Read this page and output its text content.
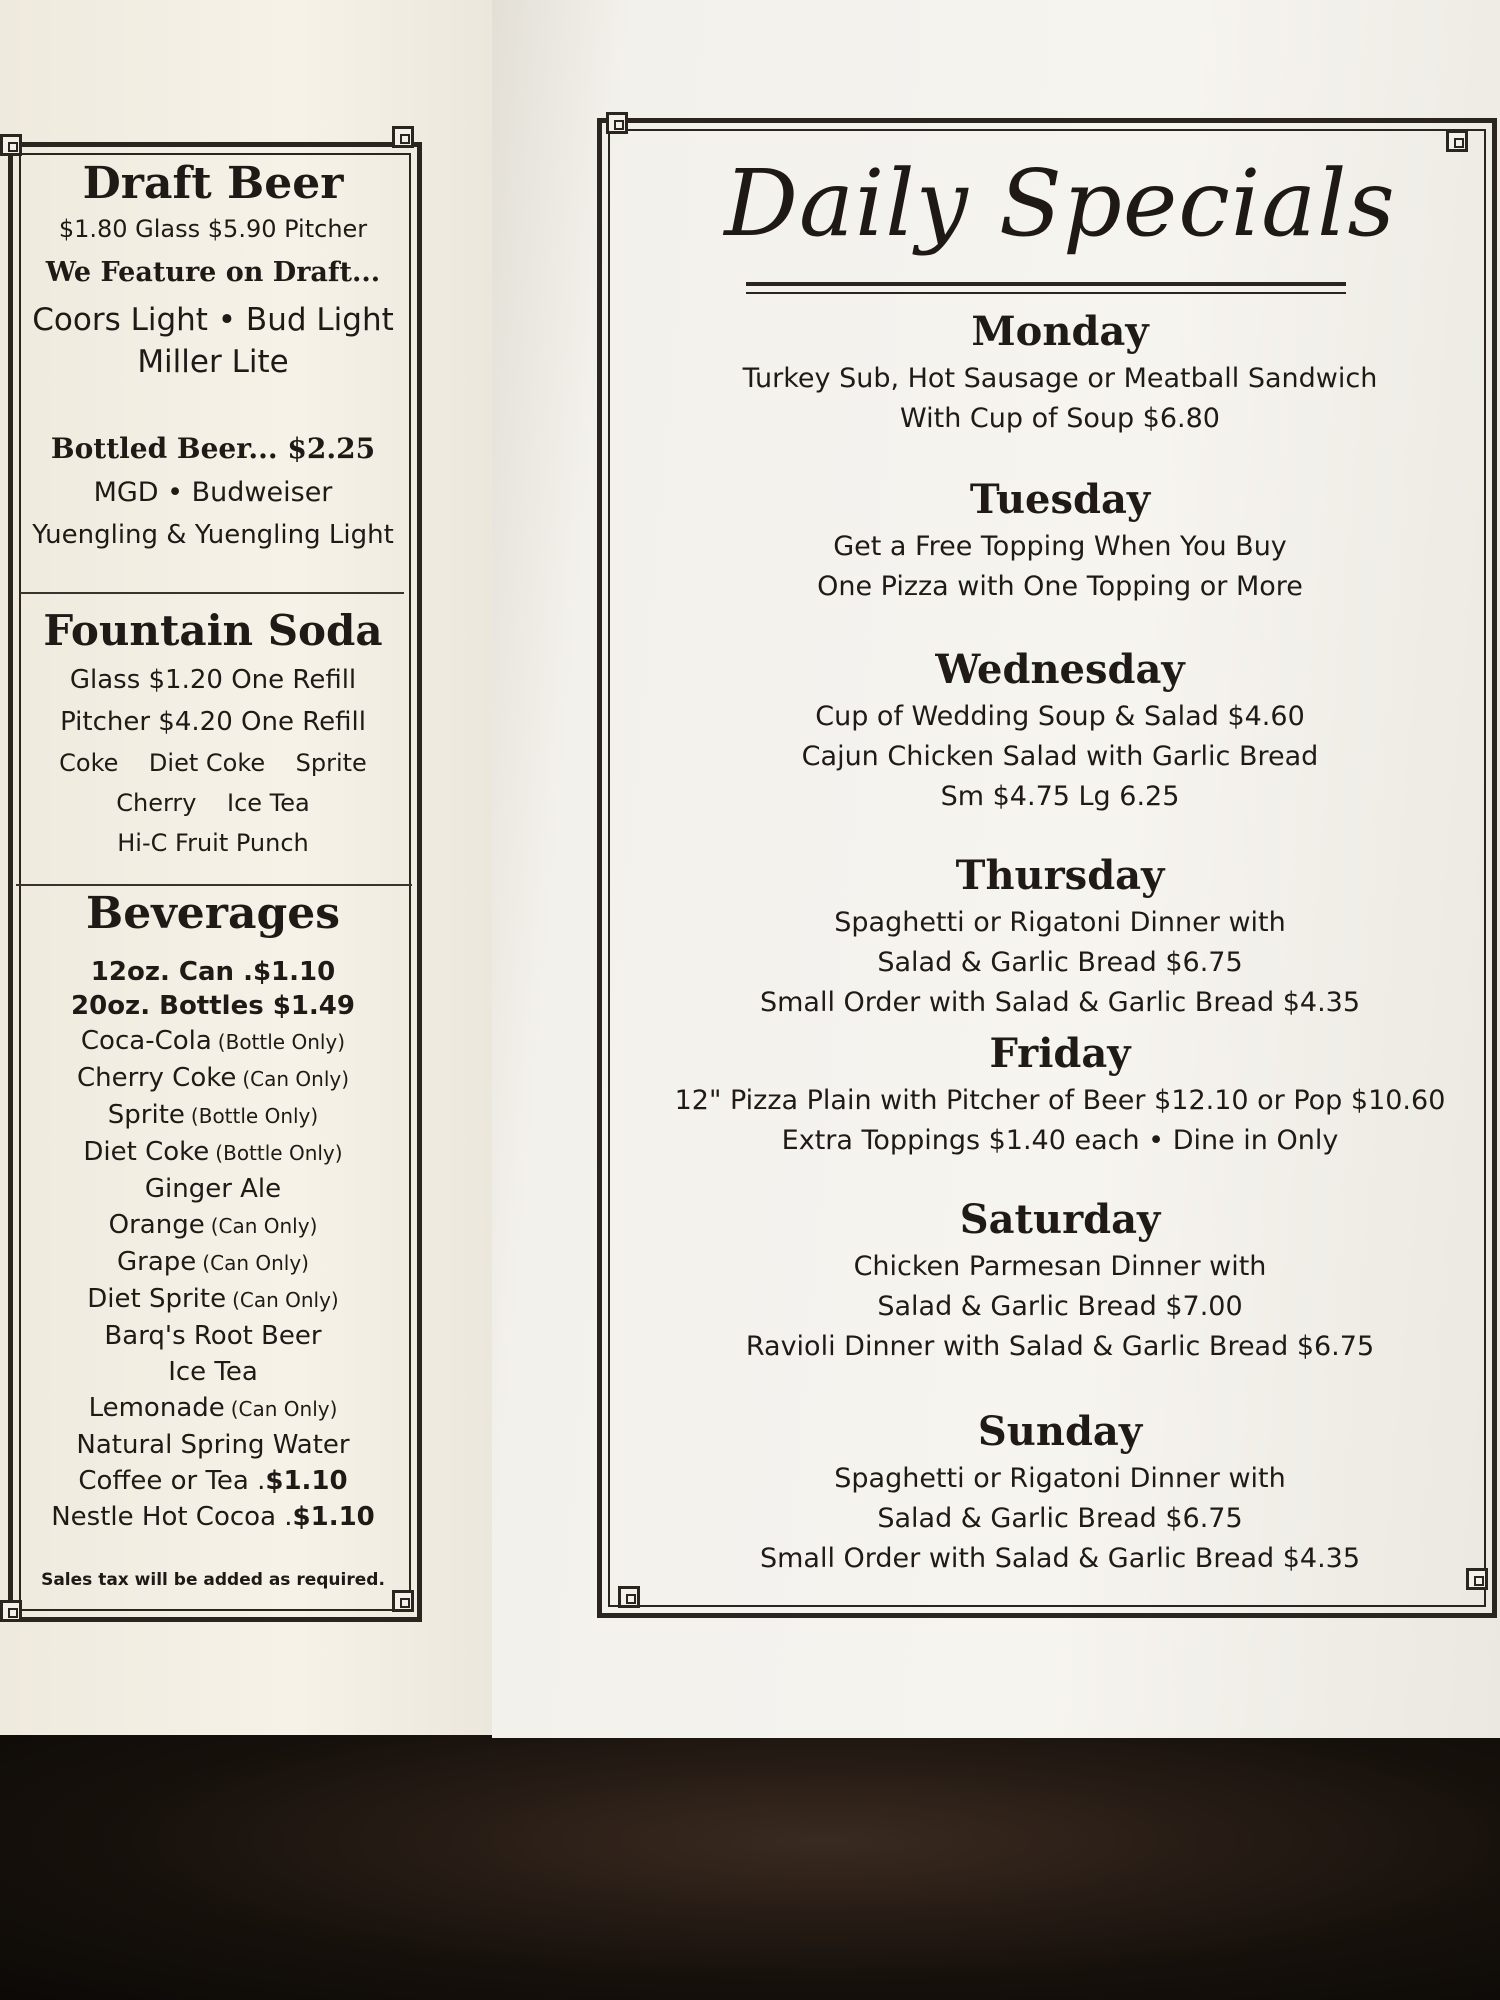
Draft Beer
$1.80 Glass $5.90 Pitcher
We Feature on Draft...
Coors Light • Bud Light
Miller Lite
Bottled Beer... $2.25
MGD • Budweiser
Yuengling & Yuengling Light
Fountain Soda
Glass $1.20 One Refill
Pitcher $4.20 One Refill
Coke    Diet Coke    Sprite
Cherry    Ice Tea
Hi-C Fruit Punch
Beverages
12oz. Can .$1.10
20oz. Bottles $1.49
Coca-Cola (Bottle Only)
Cherry Coke (Can Only)
Sprite (Bottle Only)
Diet Coke (Bottle Only)
Ginger Ale
Orange (Can Only)
Grape (Can Only)
Diet Sprite (Can Only)
Barq's Root Beer
Ice Tea
Lemonade (Can Only)
Natural Spring Water
Coffee or Tea .$1.10
Nestle Hot Cocoa .$1.10
Sales tax will be added as required.
Daily Specials
Monday
Turkey Sub, Hot Sausage or Meatball Sandwich
With Cup of Soup $6.80
Tuesday
Get a Free Topping When You Buy
One Pizza with One Topping or More
Wednesday
Cup of Wedding Soup & Salad $4.60
Cajun Chicken Salad with Garlic Bread
Sm $4.75 Lg 6.25
Thursday
Spaghetti or Rigatoni Dinner with
Salad & Garlic Bread $6.75
Small Order with Salad & Garlic Bread $4.35
Friday
12" Pizza Plain with Pitcher of Beer $12.10 or Pop $10.60
Extra Toppings $1.40 each • Dine in Only
Saturday
Chicken Parmesan Dinner with
Salad & Garlic Bread $7.00
Ravioli Dinner with Salad & Garlic Bread $6.75
Sunday
Spaghetti or Rigatoni Dinner with
Salad & Garlic Bread $6.75
Small Order with Salad & Garlic Bread $4.35
